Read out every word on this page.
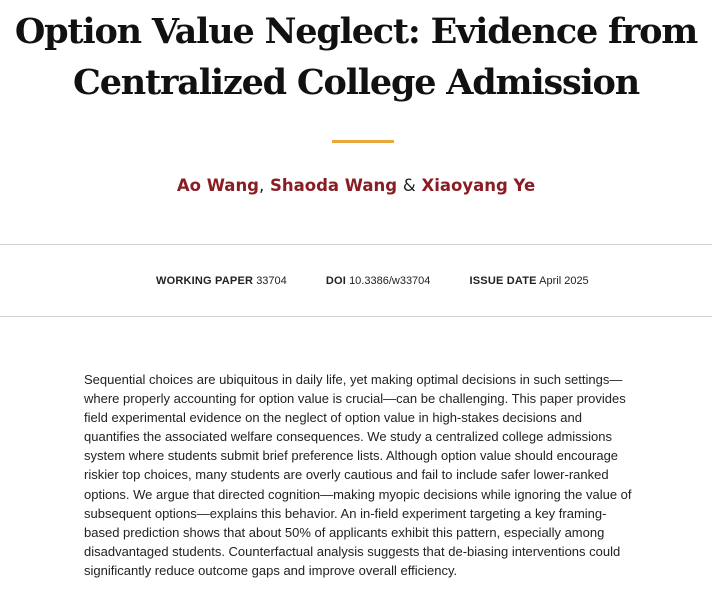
Option Value Neglect: Evidence from
Centralized College Admission
Ao Wang, Shaoda Wang & Xiaoyang Ye
WORKING PAPER 33704	DOI 10.3386/w33704	ISSUE DATE April 2025

Sequential choices are ubiquitous in daily life, yet making optimal decisions in such settings—where properly accounting for option value is crucial—can be challenging. This paper provides field experimental evidence on the neglect of option value in high-stakes decisions and quantifies the associated welfare consequences. We study a centralized college admissions system where students submit brief preference lists. Although option value should encourage riskier top choices, many students are overly cautious and fail to include safer lower-ranked options. We argue that directed cognition—making myopic decisions while ignoring the value of subsequent options—explains this behavior. An in-field experiment targeting a key framing-based prediction shows that about 50% of applicants exhibit this pattern, especially among disadvantaged students. Counterfactual analysis suggests that de-biasing interventions could significantly reduce outcome gaps and improve overall efficiency.
